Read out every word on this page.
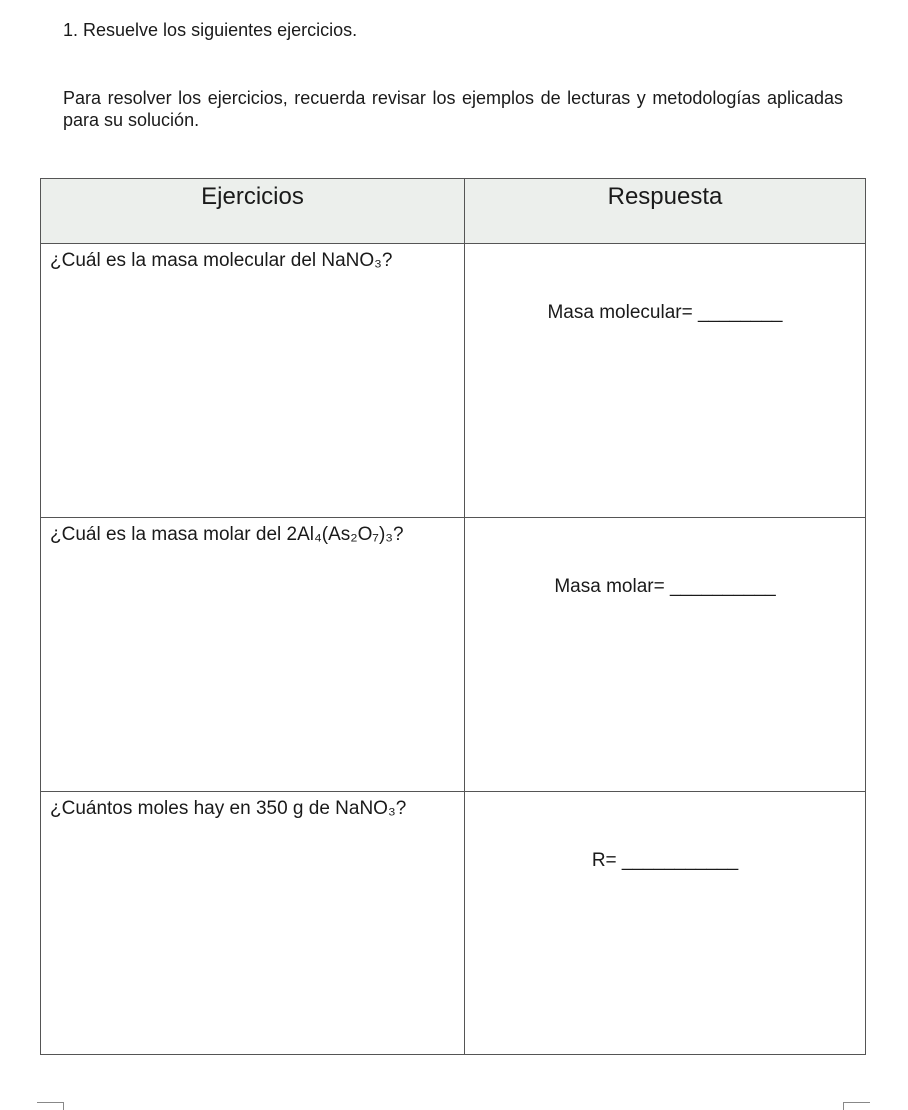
1. Resuelve los siguientes ejercicios.

Para resolver los ejercicios, recuerda revisar los ejemplos de lecturas y metodologías aplicadas para su solución.

Ejercicios	Respuesta

¿Cuál es la masa molecular del NaNO₃?	Masa molecular= ________

¿Cuál es la masa molar del 2Al₄(As₂O₇)₃?	Masa molar= __________

¿Cuántos moles hay en 350 g de NaNO₃?	R= ___________
